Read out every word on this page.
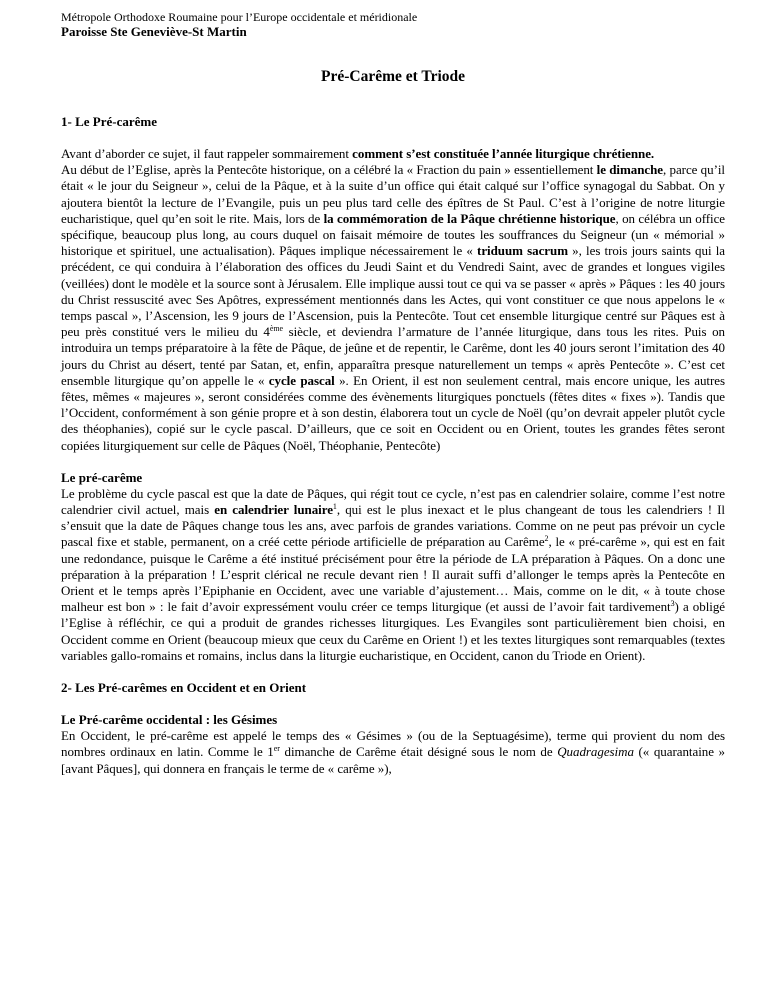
Métropole Orthodoxe Roumaine pour l’Europe occidentale et méridionale
Paroisse Ste Geneviève-St Martin
Pré-Carême et Triode
1- Le Pré-carême
Avant d’aborder ce sujet, il faut rappeler sommairement comment s’est constituée l’année liturgique chrétienne.
Au début de l’Eglise, après la Pentecôte historique, on a célébré la « Fraction du pain » essentiellement le dimanche, parce qu’il était « le jour du Seigneur », celui de la Pâque, et à la suite d’un office qui était calqué sur l’office synagogal du Sabbat. On y ajoutera bientôt la lecture de l’Evangile, puis un peu plus tard celle des épîtres de St Paul. C’est à l’origine de notre liturgie eucharistique, quel qu’en soit le rite. Mais, lors de la commémoration de la Pâque chrétienne historique, on célébra un office spécifique, beaucoup plus long, au cours duquel on faisait mémoire de toutes les souffrances du Seigneur (un « mémorial » historique et spirituel, une actualisation). Pâques implique nécessairement le « triduum sacrum », les trois jours saints qui la précédent, ce qui conduira à l’élaboration des offices du Jeudi Saint et du Vendredi Saint, avec de grandes et longues vigiles (veillées) dont le modèle et la source sont à Jérusalem. Elle implique aussi tout ce qui va se passer « après » Pâques : les 40 jours du Christ ressuscité avec Ses Apôtres, expressément mentionnés dans les Actes, qui vont constituer ce que nous appelons le « temps pascal », l’Ascension, les 9 jours de l’Ascension, puis la Pentecôte. Tout cet ensemble liturgique centré sur Pâques est à peu près constitué vers le milieu du 4ème siècle, et deviendra l’armature de l’année liturgique, dans tous les rites. Puis on introduira un temps préparatoire à la fête de Pâque, de jeûne et de repentir, le Carême, dont les 40 jours seront l’imitation des 40 jours du Christ au désert, tenté par Satan, et, enfin, apparaîtra presque naturellement un temps « après Pentecôte ». C’est cet ensemble liturgique qu’on appelle le « cycle pascal ». En Orient, il est non seulement central, mais encore unique, les autres fêtes, mêmes « majeures », seront considérées comme des évènements liturgiques ponctuels (fêtes dites « fixes »). Tandis que l’Occident, conformément à son génie propre et à son destin, élaborera tout un cycle de Noël (qu’on devrait appeler plutôt cycle des théophanies), copié sur le cycle pascal. D’ailleurs, que ce soit en Occident ou en Orient, toutes les grandes fêtes seront copiées liturgiquement sur celle de Pâques (Noël, Théophanie, Pentecôte)
Le pré-carême
Le problème du cycle pascal est que la date de Pâques, qui régit tout ce cycle, n’est pas en calendrier solaire, comme l’est notre calendrier civil actuel, mais en calendrier lunaire$^1$, qui est le plus inexact et le plus changeant de tous les calendriers ! Il s’ensuit que la date de Pâques change tous les ans, avec parfois de grandes variations. Comme on ne peut pas prévoir un cycle pascal fixe et stable, permanent, on a créé cette période artificielle de préparation au Carême$^2$, le « pré-carême », qui est en fait une redondance, puisque le Carême a été institué précisément pour être la période de LA préparation à Pâques. On a donc une préparation à la préparation ! L’esprit clérical ne recule devant rien ! Il aurait suffi d’allonger le temps après la Pentecôte en Orient et le temps après l’Epiphanie en Occident, avec une variable d’ajustement… Mais, comme on le dit, « à toute chose malheur est bon » : le fait d’avoir expressément voulu créer ce temps liturgique (et aussi de l’avoir fait tardivement$^3$) a obligé l’Eglise à réfléchir, ce qui a produit de grandes richesses liturgiques. Les Evangiles sont particulièrement bien choisi, en Occident comme en Orient (beaucoup mieux que ceux du Carême en Orient !) et les textes liturgiques sont remarquables (textes variables gallo-romains et romains, inclus dans la liturgie eucharistique, en Occident, canon du Triode en Orient).
2- Les Pré-carêmes en Occident et en Orient
Le Pré-carême occidental : les Gésimes
En Occident, le pré-carême est appelé le temps des « Gésimes » (ou de la Septuagésime), terme qui provient du nom des nombres ordinaux en latin. Comme le 1er dimanche de Carême était désigné sous le nom de Quadragesima (« quarantaine » [avant Pâques], qui donnera en français le terme de « carême »),
